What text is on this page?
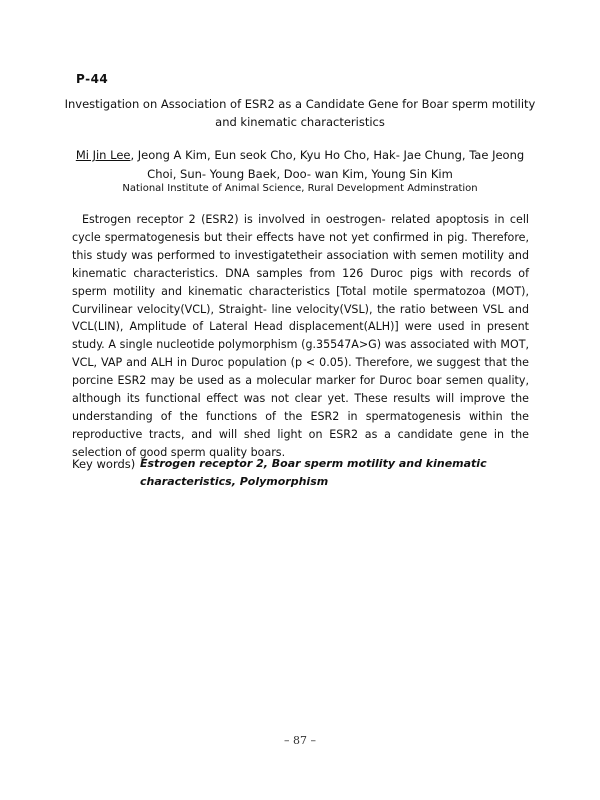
P-44
Investigation on Association of ESR2 as a Candidate Gene for Boar sperm motility and kinematic characteristics
Mi Jin Lee, Jeong A Kim, Eun seok Cho, Kyu Ho Cho, Hak- Jae Chung, Tae Jeong Choi, Sun- Young Baek, Doo- wan Kim, Young Sin Kim
National Institute of Animal Science, Rural Development Adminstration

Estrogen receptor 2 (ESR2) is involved in oestrogen- related apoptosis in cell cycle spermatogenesis but their effects have not yet confirmed in pig. Therefore, this study was performed to investigatetheir association with semen motility and kinematic characteristics. DNA samples from 126 Duroc pigs with records of sperm motility and kinematic characteristics [Total motile spermatozoa (MOT), Curvilinear velocity(VCL), Straight- line velocity(VSL), the ratio between VSL and VCL(LIN), Amplitude of Lateral Head displacement(ALH)] were used in present study. A single nucleotide polymorphism (g.35547A>G) was associated with MOT, VCL, VAP and ALH in Duroc population (p < 0.05). Therefore, we suggest that the porcine ESR2 may be used as a molecular marker for Duroc boar semen quality, although its functional effect was not clear yet. These results will improve the understanding of the functions of the ESR2 in spermatogenesis within the reproductive tracts, and will shed light on ESR2 as a candidate gene in the selection of good sperm quality boars.

Key words) Estrogen receptor 2, Boar sperm motility and kinematic characteristics, Polymorphism
– 87 –
